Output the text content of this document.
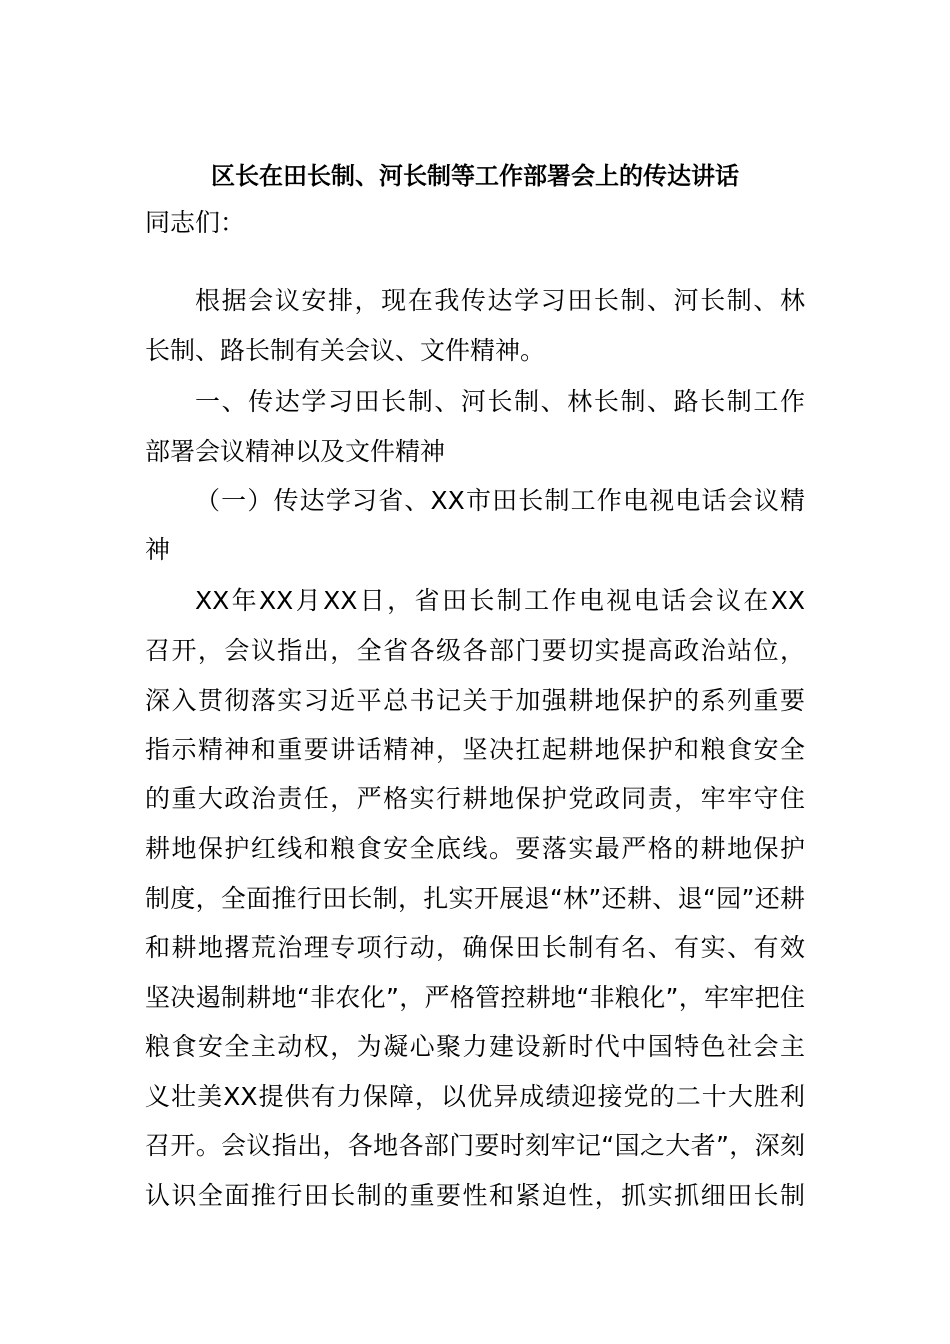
区长在田长制、河长制等工作部署会上的传达讲话
同志们：
根据会议安排，现在我传达学习田长制、河长制、林
长制、路长制有关会议、文件精神。
一、传达学习田长制、河长制、林长制、路长制工作
部署会议精神以及文件精神
（一）传达学习省、XX市田长制工作电视电话会议精
神
XX年XX月XX日，省田长制工作电视电话会议在XX
召开，会议指出，全省各级各部门要切实提高政治站位，
深入贯彻落实习近平总书记关于加强耕地保护的系列重要
指示精神和重要讲话精神，坚决扛起耕地保护和粮食安全
的重大政治责任，严格实行耕地保护党政同责，牢牢守住
耕地保护红线和粮食安全底线。要落实最严格的耕地保护
制度，全面推行田长制，扎实开展退“林”还耕、退“园”还耕
和耕地撂荒治理专项行动，确保田长制有名、有实、有效
坚决遏制耕地“非农化”，严格管控耕地“非粮化”，牢牢把住
粮食安全主动权，为凝心聚力建设新时代中国特色社会主
义壮美XX提供有力保障，以优异成绩迎接党的二十大胜利
召开。会议指出，各地各部门要时刻牢记“国之大者”，深刻
认识全面推行田长制的重要性和紧迫性，抓实抓细田长制
